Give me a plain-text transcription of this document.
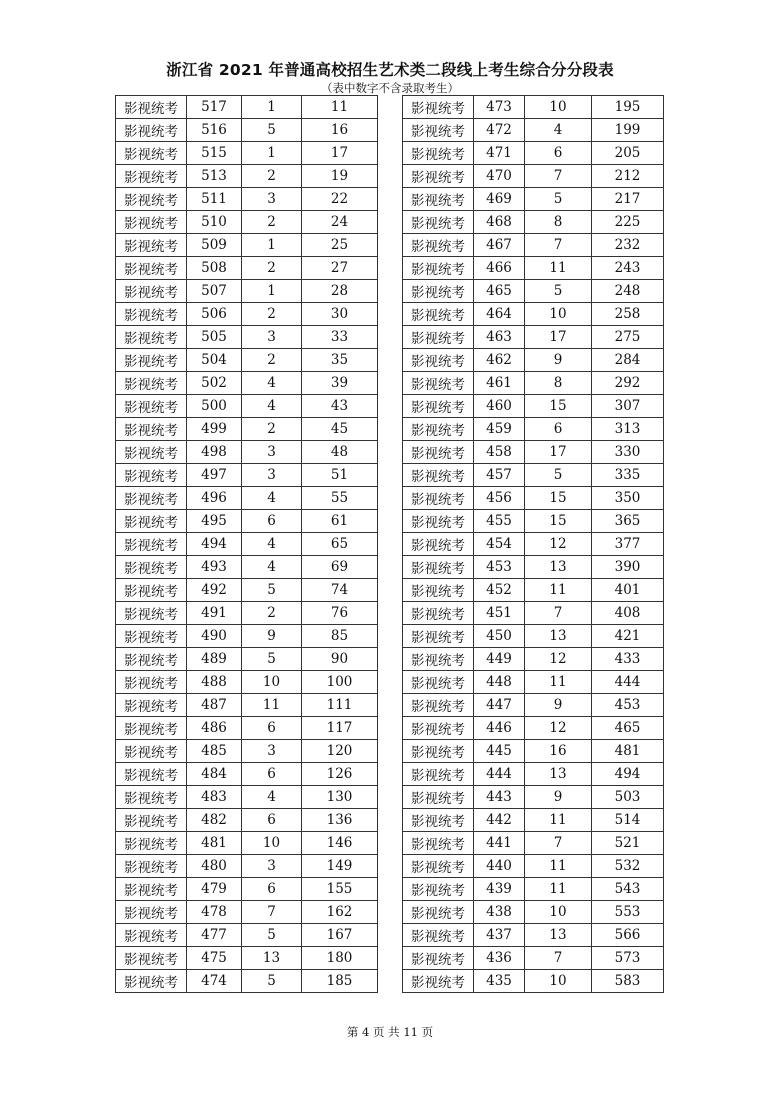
浙江省 2021 年普通高校招生艺术类二段线上考生综合分分段表
（表中数字不含录取考生）
影视统考	517	1	11
影视统考	516	5	16
影视统考	515	1	17
影视统考	513	2	19
影视统考	511	3	22
影视统考	510	2	24
影视统考	509	1	25
影视统考	508	2	27
影视统考	507	1	28
影视统考	506	2	30
影视统考	505	3	33
影视统考	504	2	35
影视统考	502	4	39
影视统考	500	4	43
影视统考	499	2	45
影视统考	498	3	48
影视统考	497	3	51
影视统考	496	4	55
影视统考	495	6	61
影视统考	494	4	65
影视统考	493	4	69
影视统考	492	5	74
影视统考	491	2	76
影视统考	490	9	85
影视统考	489	5	90
影视统考	488	10	100
影视统考	487	11	111
影视统考	486	6	117
影视统考	485	3	120
影视统考	484	6	126
影视统考	483	4	130
影视统考	482	6	136
影视统考	481	10	146
影视统考	480	3	149
影视统考	479	6	155
影视统考	478	7	162
影视统考	477	5	167
影视统考	475	13	180
影视统考	474	5	185
影视统考	473	10	195
影视统考	472	4	199
影视统考	471	6	205
影视统考	470	7	212
影视统考	469	5	217
影视统考	468	8	225
影视统考	467	7	232
影视统考	466	11	243
影视统考	465	5	248
影视统考	464	10	258
影视统考	463	17	275
影视统考	462	9	284
影视统考	461	8	292
影视统考	460	15	307
影视统考	459	6	313
影视统考	458	17	330
影视统考	457	5	335
影视统考	456	15	350
影视统考	455	15	365
影视统考	454	12	377
影视统考	453	13	390
影视统考	452	11	401
影视统考	451	7	408
影视统考	450	13	421
影视统考	449	12	433
影视统考	448	11	444
影视统考	447	9	453
影视统考	446	12	465
影视统考	445	16	481
影视统考	444	13	494
影视统考	443	9	503
影视统考	442	11	514
影视统考	441	7	521
影视统考	440	11	532
影视统考	439	11	543
影视统考	438	10	553
影视统考	437	13	566
影视统考	436	7	573
影视统考	435	10	583
第 4 页 共 11 页
